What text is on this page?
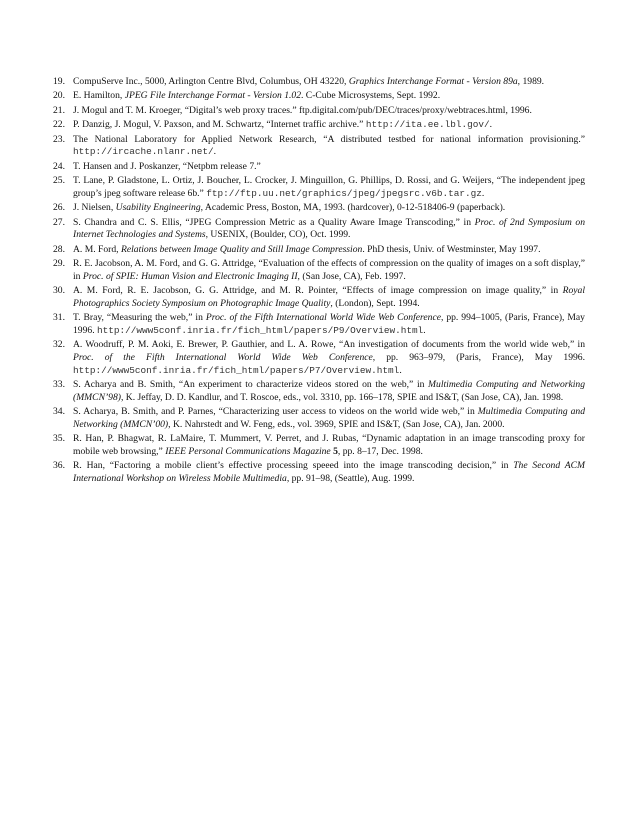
19. CompuServe Inc., 5000, Arlington Centre Blvd, Columbus, OH 43220, Graphics Interchange Format - Version 89a, 1989.
20. E. Hamilton, JPEG File Interchange Format - Version 1.02. C-Cube Microsystems, Sept. 1992.
21. J. Mogul and T. M. Kroeger, “Digital’s web proxy traces.” ftp.digital.com/pub/DEC/traces/proxy/webtraces.html, 1996.
22. P. Danzig, J. Mogul, V. Paxson, and M. Schwartz, “Internet traffic archive.” http://ita.ee.lbl.gov/.
23. The National Laboratory for Applied Network Research, “A distributed testbed for national information provisioning.” http://ircache.nlanr.net/.
24. T. Hansen and J. Poskanzer, “Netpbm release 7.”
25. T. Lane, P. Gladstone, L. Ortiz, J. Boucher, L. Crocker, J. Minguillon, G. Phillips, D. Rossi, and G. Weijers, “The independent jpeg group’s jpeg software release 6b.” ftp://ftp.uu.net/graphics/jpeg/jpegsrc.v6b.tar.gz.
26. J. Nielsen, Usability Engineering, Academic Press, Boston, MA, 1993. (hardcover), 0-12-518406-9 (paperback).
27. S. Chandra and C. S. Ellis, “JPEG Compression Metric as a Quality Aware Image Transcoding,” in Proc. of 2nd Symposium on Internet Technologies and Systems, USENIX, (Boulder, CO), Oct. 1999.
28. A. M. Ford, Relations between Image Quality and Still Image Compression. PhD thesis, Univ. of Westminster, May 1997.
29. R. E. Jacobson, A. M. Ford, and G. G. Attridge, “Evaluation of the effects of compression on the quality of images on a soft display,” in Proc. of SPIE: Human Vision and Electronic Imaging II, (San Jose, CA), Feb. 1997.
30. A. M. Ford, R. E. Jacobson, G. G. Attridge, and M. R. Pointer, “Effects of image compression on image quality,” in Royal Photographics Society Symposium on Photographic Image Quality, (London), Sept. 1994.
31. T. Bray, “Measuring the web,” in Proc. of the Fifth International World Wide Web Conference, pp. 994–1005, (Paris, France), May 1996. http://www5conf.inria.fr/fich_html/papers/P9/Overview.html.
32. A. Woodruff, P. M. Aoki, E. Brewer, P. Gauthier, and L. A. Rowe, “An investigation of documents from the world wide web,” in Proc. of the Fifth International World Wide Web Conference, pp. 963–979, (Paris, France), May 1996. http://www5conf.inria.fr/fich_html/papers/P7/Overview.html.
33. S. Acharya and B. Smith, “An experiment to characterize videos stored on the web,” in Multimedia Computing and Networking (MMCN’98), K. Jeffay, D. D. Kandlur, and T. Roscoe, eds., vol. 3310, pp. 166–178, SPIE and IS&T, (San Jose, CA), Jan. 1998.
34. S. Acharya, B. Smith, and P. Parnes, “Characterizing user access to videos on the world wide web,” in Multimedia Computing and Networking (MMCN’00), K. Nahrstedt and W. Feng, eds., vol. 3969, SPIE and IS&T, (San Jose, CA), Jan. 2000.
35. R. Han, P. Bhagwat, R. LaMaire, T. Mummert, V. Perret, and J. Rubas, “Dynamic adaptation in an image transcoding proxy for mobile web browsing,” IEEE Personal Communications Magazine 5, pp. 8–17, Dec. 1998.
36. R. Han, “Factoring a mobile client’s effective processing speeed into the image transcoding decision,” in The Second ACM International Workshop on Wireless Mobile Multimedia, pp. 91–98, (Seattle), Aug. 1999.
